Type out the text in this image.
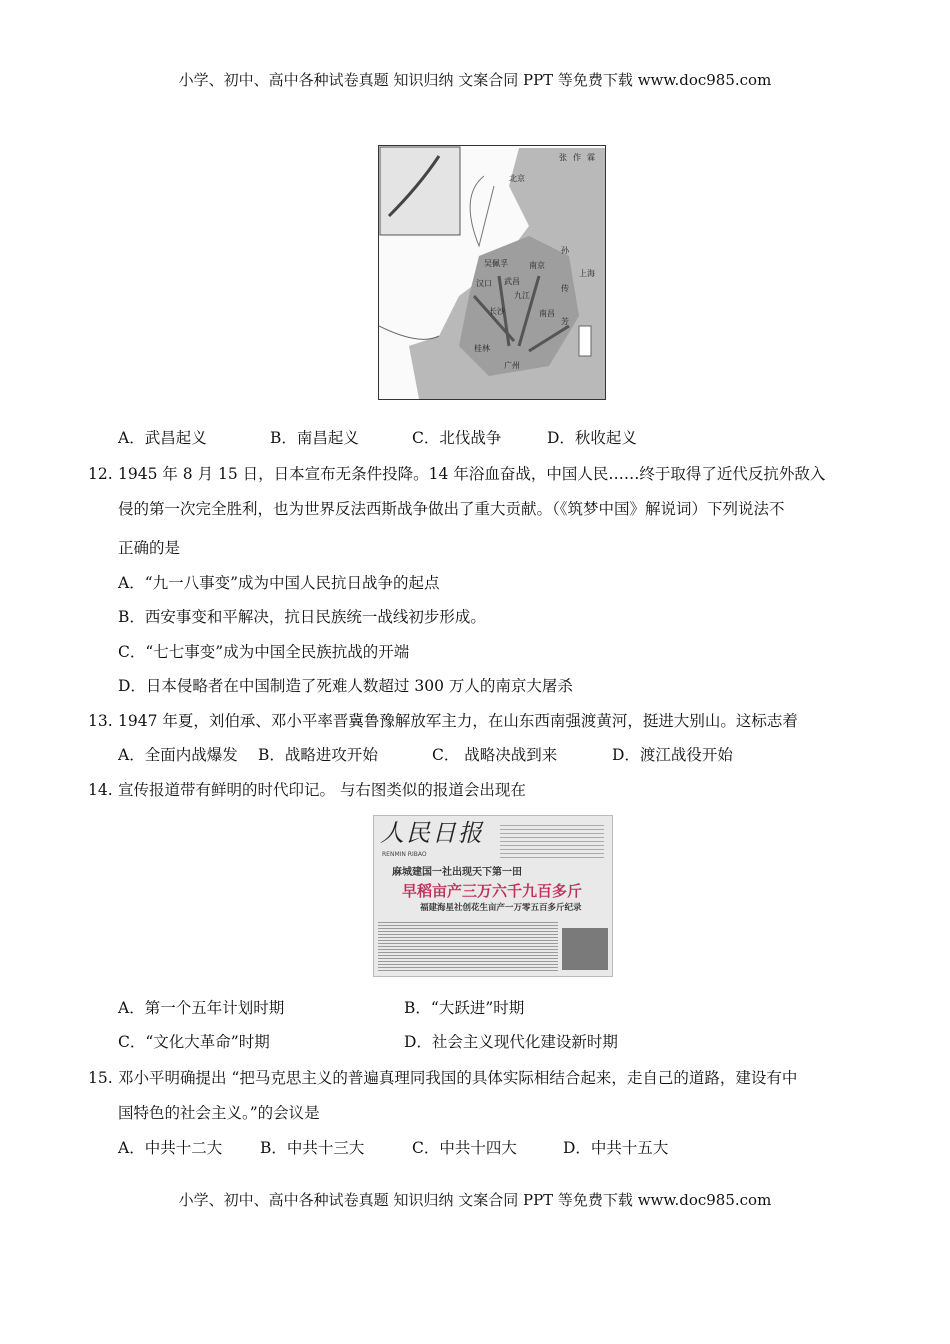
小学、初中、高中各种试卷真题 知识归纳 文案合同 PPT 等免费下载 www.doc985.com
北京
南京
上海
汉口 武昌
九江
长沙	南昌
桂林
广州
吴佩孚
孙
传
芳
张 作 霖
A．武昌起义	B．南昌起义	C．北伐战争	D．秋收起义
12. 1945 年 8 月 15 日，日本宣布无条件投降。14 年浴血奋战，中国人民……终于取得了近代反抗外敌入
侵的第一次完全胜利，也为世界反法西斯战争做出了重大贡献。（《筑梦中国》解说词）下列说法不
正确的是
A．“九一八事变”成为中国人民抗日战争的起点
B．西安事变和平解决，抗日民族统一战线初步形成。
C．“七七事变”成为中国全民族抗战的开端
D．日本侵略者在中国制造了死难人数超过 300 万人的南京大屠杀
13. 1947 年夏，刘伯承、邓小平率晋冀鲁豫解放军主力，在山东西南强渡黄河，挺进大别山。这标志着
A．全面内战爆发 B．战略进攻开始	C． 战略决战到来	D．渡江战役开始
14. 宣传报道带有鲜明的时代印记。 与右图类似的报道会出现在
人民日报
RENMIN RIBAO
麻城建国一社出现天下第一田
早稻亩产三万六千九百多斤
福建海星社创花生亩产一万零五百多斤纪录
A．第一个五年计划时期	B．“大跃进”时期
C．“文化大革命”时期	D．社会主义现代化建设新时期
15. 邓小平明确提出 “把马克思主义的普遍真理同我国的具体实际相结合起来，走自己的道路，建设有中
国特色的社会主义。”的会议是
A．中共十二大 B．中共十三大	C．中共十四大	D．中共十五大
小学、初中、高中各种试卷真题 知识归纳 文案合同 PPT 等免费下载 www.doc985.com
